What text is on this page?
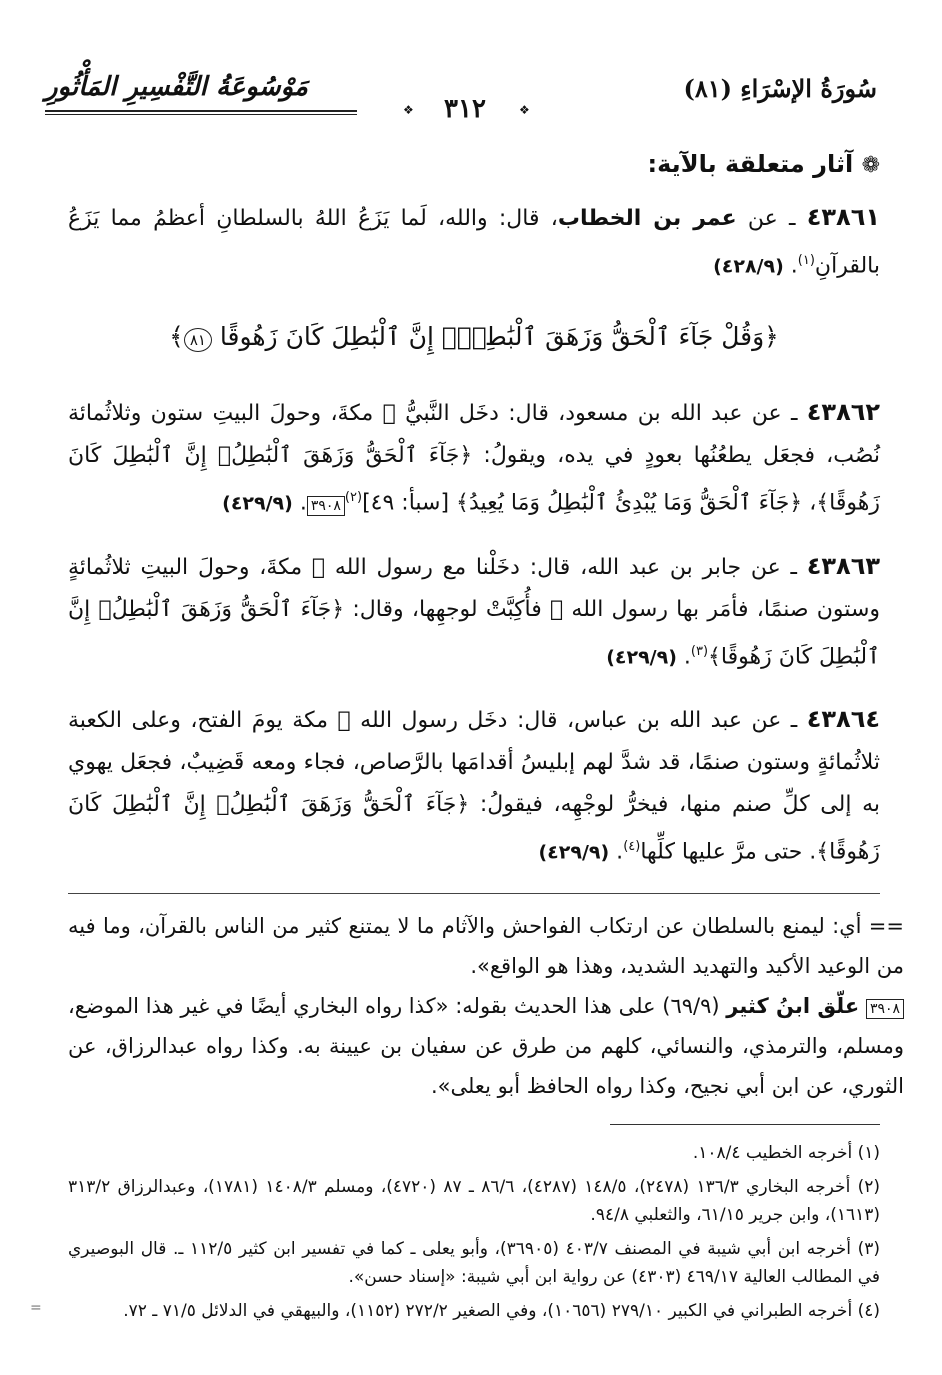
سُورَةُ الإسْرَاءِ (٨١)
مَوْسُوعَةُ التَّفْسِيرِ المَأْثُورِ
❖	٣١٢	❖
❁ آثار متعلقة بالآية:

٤٣٨٦١ ـ عن عمر بن الخطاب، قال: والله، لَما يَزَعُ اللهُ بالسلطانِ أعظمُ مما يَزَعُ بالقرآنِ$^{(١)}$. (٤٢٨/٩)

﴿وَقُلْ جَآءَ ٱلْحَقُّ وَزَهَقَ ٱلْبَٰطِلُۚ إِنَّ ٱلْبَٰطِلَ كَانَ زَهُوقًا ٨١﴾

٤٣٨٦٢ ـ عن عبد الله بن مسعود، قال: دخَل النَّبيُّ ﷺ مكةَ، وحولَ البيتِ ستون وثلاثُمائة نُصُب، فجعَل يطعُنُها بعودٍ في يده، ويقولُ: ﴿جَآءَ ٱلْحَقُّ وَزَهَقَ ٱلْبَٰطِلُۚ إِنَّ ٱلْبَٰطِلَ كَانَ زَهُوقًا﴾، ﴿جَآءَ ٱلْحَقُّ وَمَا يُبْدِئُ ٱلْبَٰطِلُ وَمَا يُعِيدُ﴾ [سبأ: ٤٩]$^{(٢)}$٣٩٠٨. (٤٢٩/٩)

٤٣٨٦٣ ـ عن جابر بن عبد الله، قال: دخَلْنا مع رسول الله ﷺ مكةَ، وحولَ البيتِ ثلاثُمائةٍ وستون صنمًا، فأمَر بها رسول الله ﷺ فأُكِبَّتْ لوجهِها، وقال: ﴿جَآءَ ٱلْحَقُّ وَزَهَقَ ٱلْبَٰطِلُۚ إِنَّ ٱلْبَٰطِلَ كَانَ زَهُوقًا﴾$^{(٣)}$. (٤٢٩/٩)

٤٣٨٦٤ ـ عن عبد الله بن عباس، قال: دخَل رسول الله ﷺ مكة يومَ الفتح، وعلى الكعبة ثلاثُمائةٍ وستون صنمًا، قد شدَّ لهم إبليسُ أقدامَها بالرَّصاص، فجاء ومعه قَضِيبٌ، فجعَل يهوي به إلى كلِّ صنم منها، فيخرُّ لوجْهِه، فيقولُ: ﴿جَآءَ ٱلْحَقُّ وَزَهَقَ ٱلْبَٰطِلُۚ إِنَّ ٱلْبَٰطِلَ كَانَ زَهُوقًا﴾. حتى مرَّ عليها كلِّها$^{(٤)}$. (٤٢٩/٩)

== أي: ليمنع بالسلطان عن ارتكاب الفواحش والآثام ما لا يمتنع كثير من الناس بالقرآن، وما فيه من الوعيد الأكيد والتهديد الشديد، وهذا هو الواقع».

٣٩٠٨ علّق ابنُ كثير (٦٩/٩) على هذا الحديث بقوله: «كذا رواه البخاري أيضًا في غير هذا الموضع، ومسلم، والترمذي، والنسائي، كلهم من طرق عن سفيان بن عيينة به. وكذا رواه عبدالرزاق، عن الثوري، عن ابن أبي نجيح، وكذا رواه الحافظ أبو يعلى».

(١) أخرجه الخطيب ١٠٨/٤.

(٢) أخرجه البخاري ١٣٦/٣ (٢٤٧٨)، ١٤٨/٥ (٤٢٨٧)، ٨٦/٦ ـ ٨٧ (٤٧٢٠)، ومسلم ١٤٠٨/٣ (١٧٨١)، وعبدالرزاق ٣١٣/٢ (١٦١٣)، وابن جرير ٦١/١٥، والثعلبي ٩٤/٨.

(٣) أخرجه ابن أبي شيبة في المصنف ٤٠٣/٧ (٣٦٩٠٥)، وأبو يعلى ـ كما في تفسير ابن كثير ١١٢/٥ ـ. قال البوصيري في المطالب العالية ٤٦٩/١٧ (٤٣٠٣) عن رواية ابن أبي شيبة: «إسناد حسن».

(٤) أخرجه الطبراني في الكبير ٢٧٩/١٠ (١٠٦٥٦)، وفي الصغير ٢٧٢/٢ (١١٥٢)، والبيهقي في الدلائل ٧١/٥ ـ ٧٢.

=
